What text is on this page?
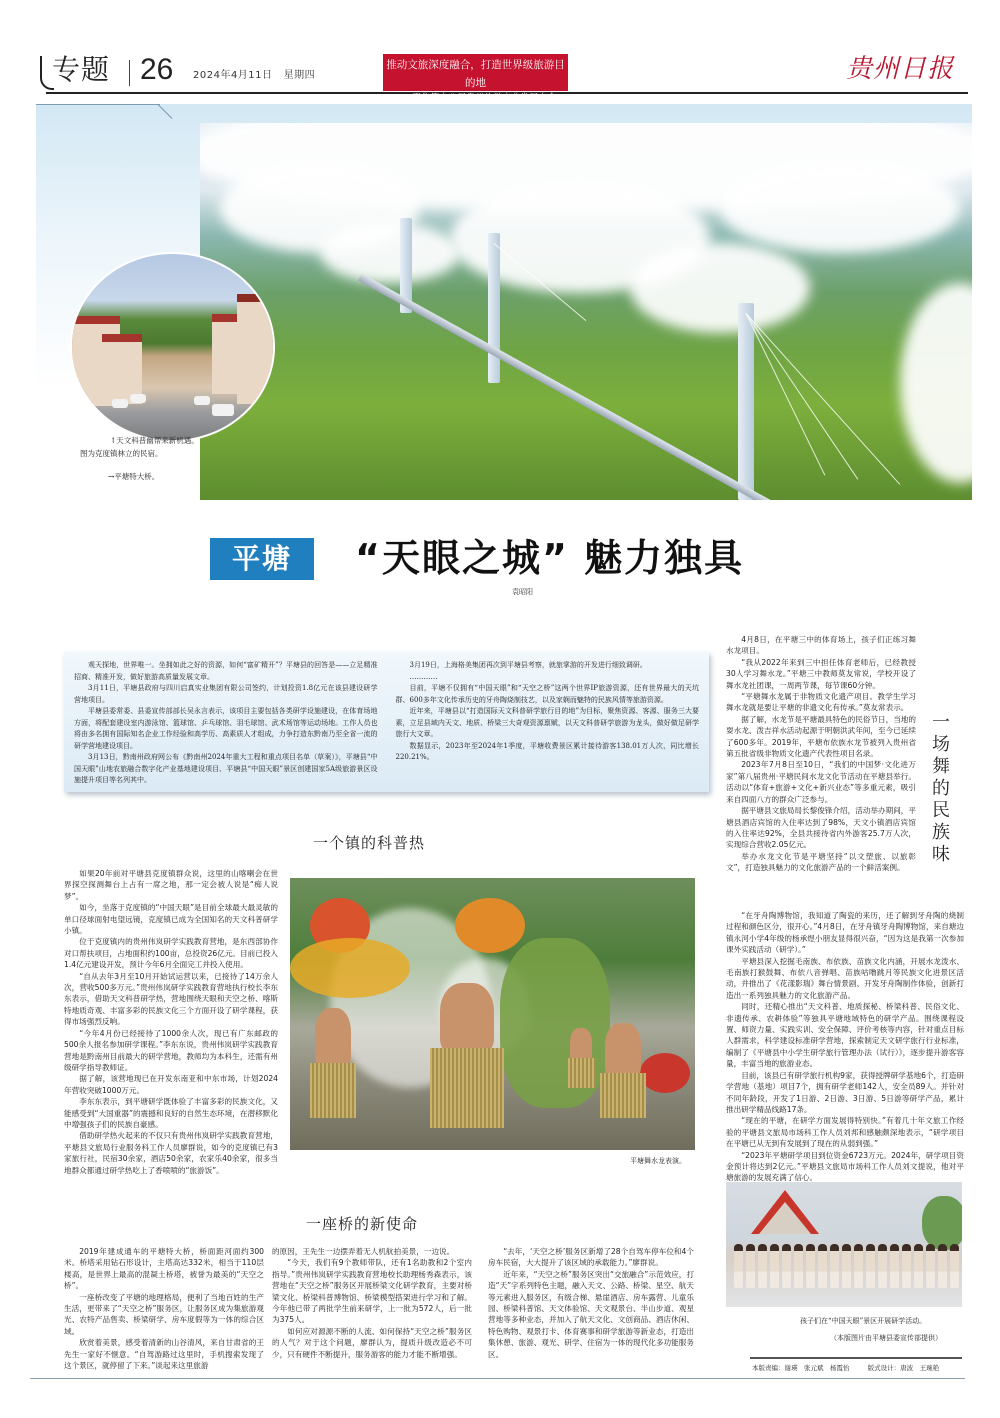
专题 26 2024年4月11日 星期四
推动文旅深度融合，打造世界级旅游目的地
——聚焦第十八届贵州旅游产业发展大会
贵州日报
↑天文科普幽帮来新机遇。
图为克度镇林立的民宿。
→平塘特大桥。
平塘	“天眼之城” 魅力独具
袁昭阳

观天探地，世界唯一。坐拥如此之好的资源，如何“富矿精开”？平塘县的回答是——立足精准招商、精准开发，做好旅游高质量发展文章。

3月11日，平塘县政府与四川启真实业集团有限公司签约，计划投资1.8亿元在该县建设研学营地项目。

平塘县委常委、县委宣传部部长吴永言表示，该项目主要包括各类研学设施建设，在体育场地方面，将配套建设室内游泳馆、篮球馆、乒乓球馆、羽毛球馆、武术场馆等运动场地。工作人员也将由多名拥有国际知名企业工作经验和高学历、高素质人才组成，力争打造东黔南乃至全省一流的研学营地建设项目。

3月13日，黔南州政府网公布《黔南州2024年重大工程和重点项目名单（草案）》，平塘县“中国天眼”山地农旅融合数字化产业基地建设项目、平塘县“中国天眼”景区创建国家5A级旅游景区设施提升项目等名列其中。

3月19日，上海格美集团再次到平塘县考察，就旅掌游的开发进行细致调研。

…………

目前，平塘不仅拥有“中国天眼”和“天空之桥”这两个世界IP旅游资源，还有世界最大的天坑群、600多年文化传承历史的牙舟陶烧制技艺，以及家娴而魅特的民族风情等旅游资源。

近年来，平塘县以“打造国际天文科普研学旅行目的地”为目标，聚焦资源、客源、服务三大要素，立足县域内天文、地质、桥梁三大奇观资源禀赋，以天文科普研学旅游为龙头，做好做足研学旅行大文章。

数据显示，2023年至2024年1季度，平塘收费景区累计接待游客138.01万人次，同比增长220.21%。

一个镇的科普热

如果20年前对平塘县克度镇群众说，这里的山喀喇会在世界探空探测舞台上占有一席之地，那一定会被人说是“痴人说梦”。

如今，坐落于克度镇的“中国天眼”是目前全球最大最灵敏的单口径球面射电望远镜，克度镇已成为全国知名的天文科普研学小镇。

位于克度镇内的贵州伟岚研学实践教育营地，是东西部协作对口帮扶项目，占地面积约100亩，总投资26亿元。目前已投入1.4亿元建设开发，预计今年6月全面完工并投入使用。

“自从去年3月至10月开始试运营以来，已接待了14万余人次，营收500多万元。”贵州伟岚研学实践教育营地执行校长李东东表示，借助天文科普研学热，营地围绕天眼和天空之桥、喀斯特地质奇观、丰富多彩的民族文化三个方面开设了研学课程，获得市场强烈反响。

“今年4月份已经接待了1000余人次，现已有广东邮政的500余人报名参加研学课程。”李东东说，贵州伟岚研学实践教育营地是黔南州目前最大的研学营地，教师均为本科生，还需有州级研学指导教师证。

据了解，该营地现已在开发东南亚和中东市场，计划2024年营收突破1000万元。

李东东表示，到平塘研学既体验了丰富多彩的民族文化，又能感受到“大国重器”的震撼和良好的自然生态环境，在潜移默化中增强孩子们的民族自豪感。

借助研学热火起来的不仅只有贵州伟岚研学实践教育营地，平塘县文旅局行业服务科工作人员廖群说，如今的克度镇已有3家旅行社，民宿30余家，酒店50余家，农家乐40余家，很多当地群众都通过研学热吃上了香喷喷的“旅游饭”。

平塘舞水龙表演。
一场舞的民族味

4月8日，在平塘三中的体育场上，孩子们正练习舞水龙项目。

“我从2022年来到三中担任体育老师后，已经教授30人学习舞水龙。”平塘三中教师莫友常说，学校开设了舞水龙社团课，一周两节课，每节课60分钟。

“平塘舞水龙属于非物质文化遗产项目。教学生学习舞水龙就是要让平塘的非遗文化有传承。”莫友常表示。

据了解，水龙节是平塘最具特色的民俗节日，当地的耍水龙、泼吉祥水活动起源于明朝洪武年间，至今已延续了600多年。2019年，平塘布依族水龙节被列入贵州省第五批省级非物质文化遗产代表性项目名录。

2023年7月8日至10日，“我们的中国梦·文化进万家”第八届贵州·平塘民间水龙文化节活动在平塘县举行。活动以“体育+旅游+文化+新兴业态”等多重元素，吸引来自四面八方的群众广泛参与。

据平塘县文旅局局长黎俊锋介绍，活动举办期间，平塘县酒店宾馆的入住率达到了98%，天文小镇酒店宾馆的入住率达92%，全县共接待省内外游客25.7万人次，实现综合营收2.05亿元。

举办水龙文化节是平塘坚持“以文塑旅、以旅彰文”，打造独具魅力的文化旅游产品的一个鲜活案例。

“在牙舟陶博物馆，我知道了陶瓷的来历，还了解到牙舟陶的烧制过程和颜色区分，很开心。”4月8日，在牙舟镇牙舟陶博物馆，来自塘边镇永河小学4年级的杨承煜小朋友显得很兴奋，“因为这是我第一次参加课外实践活动（研学）。”

平塘县深入挖掘毛南族、布依族、苗族文化内涵，开展水龙泼水、毛南族打猴鼓舞、布依八音弹唱、苗族咕噜跳月等民族文化进景区活动，并推出了《花漾影瑞》舞台情景剧、开发牙舟陶制作体验，创新打造出一系列独具魅力的文化旅游产品。

同时，还精心推出“天文科普、地质探秘、桥梁科普、民俗文化、非遗传承、农耕体验”等独具平塘地域特色的研学产品。围绕课程设置、师资力量、实践实训、安全保障、评价考核等内容，针对重点目标人群需求，科学建设标准研学营地，探索制定天文研学旅行行业标准，编制了《平塘县中小学生研学旅行管理办法（试行）》，逐步提升游客容量，丰富当地的旅游业态。

目前，该县已有研学旅行机构9家，获得授牌研学基地6个，打造研学营地（基地）项目7个，拥有研学老师142人，安全员89人。并针对不同年龄段，开发了1日游、2日游、3日游、5日游等研学产品，累计推出研学精品线路17条。

“现在的平塘，在研学方面发展得特别快。”有着几十年文旅工作经验的平塘县文旅局市场科工作人员刘邦和感触颇深地表示，“研学项目在平塘已从无到有发展到了现在的从弱到强。”

“2023年平塘研学项目到位资金6723万元。2024年，研学项目资金预计将达到2亿元。”平塘县文旅局市场科工作人员刘文提说，他对平塘旅游的发展充满了信心。

孩子们在“中国天眼”景区开展研学活动。
（本版图片由平塘县委宣传部提供）
一座桥的新使命

2019年建成通车的平塘特大桥，桥面距河面约300米。桥塔采用钻石形设计，主塔高达332米，相当于110层楼高，是世界上最高的混凝土桥塔，被誉为最美的“天空之桥”。

一座桥改变了平塘的地理格局，便利了当地百姓的生产生活，更带来了“天空之桥”服务区，让服务区成为集旅游观光、农特产品售卖、桥梁研学、房车度假等为一体的综合区域。

欣赏着美景，感受着清新的山谷清风，来自甘肃省的王先生一家好不惬意。“自驾游路过这里时，手机搜索发现了这个景区，就停留了下来。”谈起来这里旅游

的原因，王先生一边摆弄着无人机航拍美景，一边说。

“今天，我们有9个教师带队，还有1名助教和2个室内指导。”贵州伟岚研学实践教育营地校长助理杨秀森表示，该营地在“天空之桥”服务区开展桥梁文化研学教育，主要对桥梁文化、桥梁科普博物馆、桥梁模型搭架进行学习和了解。今年他已带了两批学生前来研学，上一批为572人，后一批为375人。

如何应对源源不断的人流、如何保持“天空之桥”服务区的人气？对于这个问题，廖群认为，提质升级改造必不可少，只有硬件不断提升，服务游客的能力才能不断增强。

“去年，‘天空之桥’服务区新增了28个自驾车停车位和4个房车民宿，大大提升了该区域的承载能力。”廖群说。

近年来，“天空之桥”服务区突出“交旅融合”示范效应，打造“天”字系列特色主题，融入天文、公路、桥梁、星空、航天等元素进入服务区，有级合梯、悬崖酒店、房车露营、儿童乐园、桥梁科普馆、天文体验馆、天文观景台、半山步道、观星营地等多种业态，并加入了航天文化、文创商品、酒店休闲、特色购物、观景打卡、体育赛事和研学旅游等新业态，打造出集休憩、旅游、观光、研学、住宿为一体的现代化多功能服务区。

本版责编：谢瑛　张元斌　杨霞怡	版式设计：唐波　王琬艳
